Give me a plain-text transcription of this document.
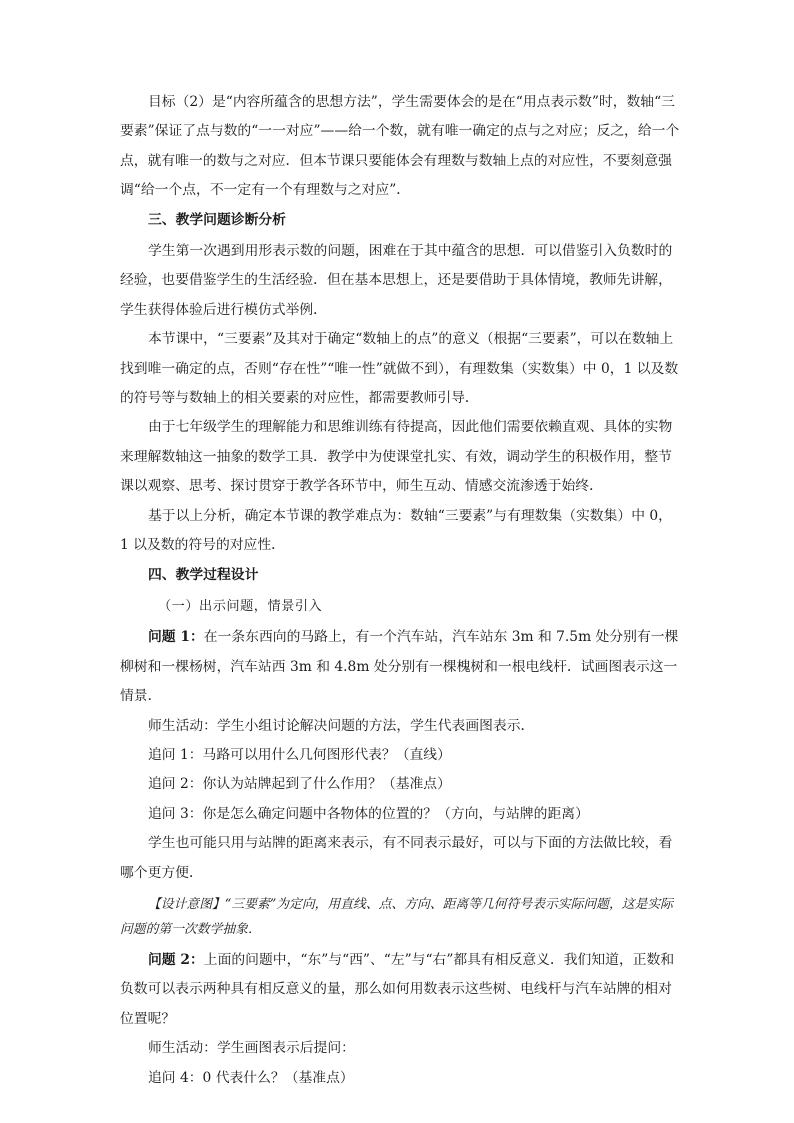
目标（2）是“内容所蕴含的思想方法”，学生需要体会的是在“用点表示数”时，数轴“三要素”保证了点与数的“一一对应”——给一个数，就有唯一确定的点与之对应；反之，给一个点，就有唯一的数与之对应．但本节课只要能体会有理数与数轴上点的对应性，不要刻意强调“给一个点，不一定有一个有理数与之对应”．

三、教学问题诊断分析

学生第一次遇到用形表示数的问题，困难在于其中蕴含的思想．可以借鉴引入负数时的经验，也要借鉴学生的生活经验．但在基本思想上，还是要借助于具体情境，教师先讲解，学生获得体验后进行模仿式举例．

本节课中，“三要素”及其对于确定“数轴上的点”的意义（根据“三要素”，可以在数轴上找到唯一确定的点，否则“存在性”“唯一性”就做不到），有理数集（实数集）中 0，1 以及数的符号等与数轴上的相关要素的对应性，都需要教师引导．

由于七年级学生的理解能力和思维训练有待提高，因此他们需要依赖直观、具体的实物来理解数轴这一抽象的数学工具．教学中为使课堂扎实、有效，调动学生的积极作用，整节课以观察、思考、探讨贯穿于教学各环节中，师生互动、情感交流渗透于始终．

基于以上分析，确定本节课的教学难点为：数轴“三要素”与有理数集（实数集）中 0，1 以及数的符号的对应性．

四、教学过程设计

（一）出示问题，情景引入

问题 1：在一条东西向的马路上，有一个汽车站，汽车站东 3m 和 7.5m 处分别有一棵柳树和一棵杨树，汽车站西 3m 和 4.8m 处分别有一棵槐树和一根电线杆．试画图表示这一情景．

师生活动：学生小组讨论解决问题的方法，学生代表画图表示．

追问 1：马路可以用什么几何图形代表？（直线）

追问 2：你认为站牌起到了什么作用？（基准点）

追问 3：你是怎么确定问题中各物体的位置的？（方向，与站牌的距离）

学生也可能只用与站牌的距离来表示，有不同表示最好，可以与下面的方法做比较，看哪个更方便．

【设计意图】“三要素”为定向，用直线、点、方向、距离等几何符号表示实际问题，这是实际问题的第一次数学抽象．

问题 2：上面的问题中，“东”与“西”、“左”与“右”都具有相反意义．我们知道，正数和负数可以表示两种具有相反意义的量，那么如何用数表示这些树、电线杆与汽车站牌的相对位置呢？

师生活动：学生画图表示后提问：

追问 4：0 代表什么？（基准点）
